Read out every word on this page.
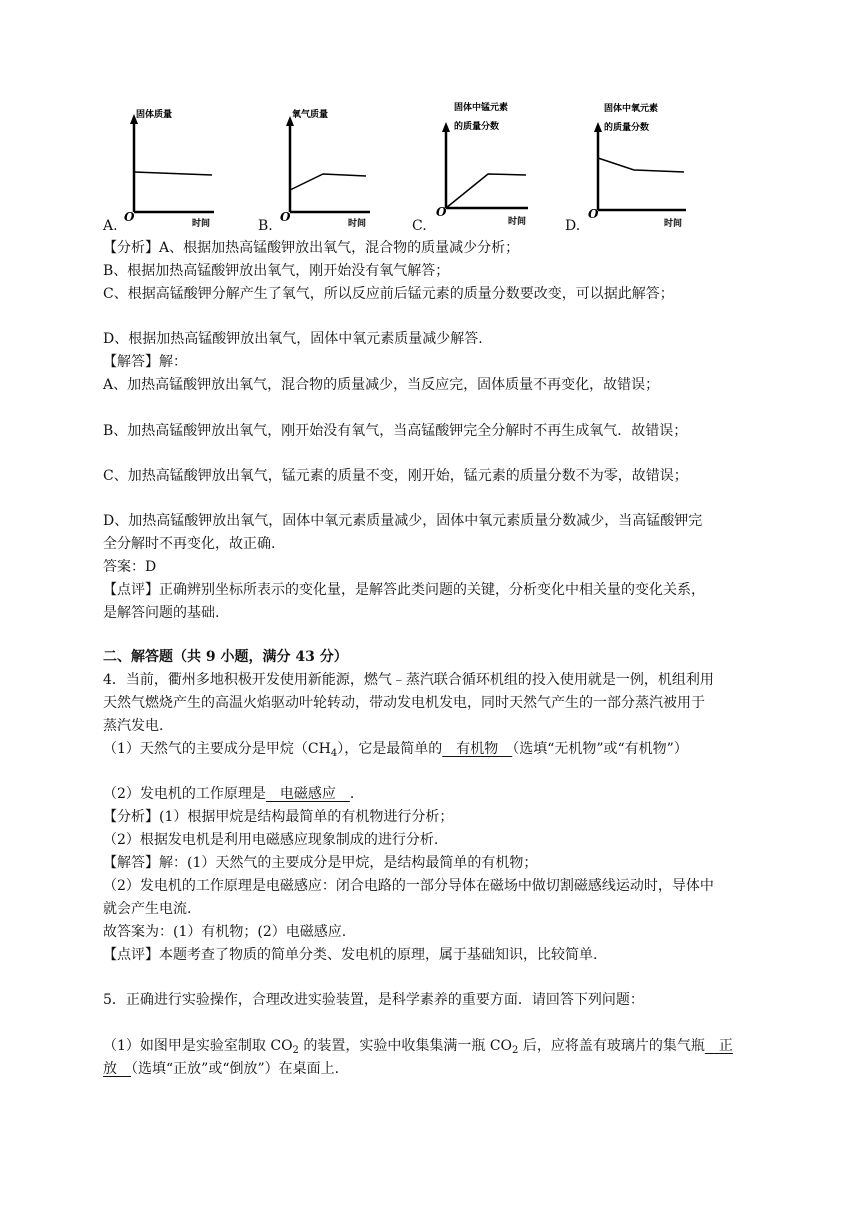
固体质量
O	时间
氧气质量
O	时间
固体中锰元素
的质量分数
O
时间
固体中氧元素
的质量分数
O
时间
A.	B.	C.	D.
【分析】A、根据加热高锰酸钾放出氧气，混合物的质量减少分析；
B、根据加热高锰酸钾放出氧气，刚开始没有氧气解答；
C、根据高锰酸钾分解产生了氧气，所以反应前后锰元素的质量分数要改变，可以据此解答；
D、根据加热高锰酸钾放出氧气，固体中氧元素质量减少解答.
【解答】解：
A、加热高锰酸钾放出氧气，混合物的质量减少，当反应完，固体质量不再变化，故错误；
B、加热高锰酸钾放出氧气，刚开始没有氧气，当高锰酸钾完全分解时不再生成氧气．故错误；
C、加热高锰酸钾放出氧气，锰元素的质量不变，刚开始，锰元素的质量分数不为零，故错误；
D、加热高锰酸钾放出氧气，固体中氧元素质量减少，固体中氧元素质量分数减少，当高锰酸钾完
全分解时不再变化，故正确.
答案：D
【点评】正确辨别坐标所表示的变化量，是解答此类问题的关键，分析变化中相关量的变化关系，
是解答问题的基础.
二、解答题（共 9 小题，满分 43 分）
4．当前，衢州多地积极开发使用新能源，燃气﹣蒸汽联合循环机组的投入使用就是一例，机组利用
天然气燃烧产生的高温火焰驱动叶轮转动，带动发电机发电，同时天然气产生的一部分蒸汽被用于
蒸汽发电.
（1）天然气的主要成分是甲烷$(CH_4)$，它是最简单的　有机物　（选填“无机物”或“有机物”）
（2）发电机的工作原理是　电磁感应　．
【分析】(1）根据甲烷是结构最简单的有机物进行分析；
（2）根据发电机是利用电磁感应现象制成的进行分析.
【解答】解：(1）天然气的主要成分是甲烷，是结构最简单的有机物；
（2）发电机的工作原理是电磁感应：闭合电路的一部分导体在磁场中做切割磁感线运动时，导体中
就会产生电流.
故答案为：(1）有机物；(2）电磁感应.
【点评】本题考查了物质的简单分类、发电机的原理，属于基础知识，比较简单.
5．正确进行实验操作，合理改进实验装置，是科学素养的重要方面．请回答下列问题：
（1）如图甲是实验室制取 $CO_2$ 的装置，实验中收集集满一瓶 $CO_2$ 后，应将盖有玻璃片的集气瓶　正
放　（选填“正放”或“倒放”）在桌面上.
